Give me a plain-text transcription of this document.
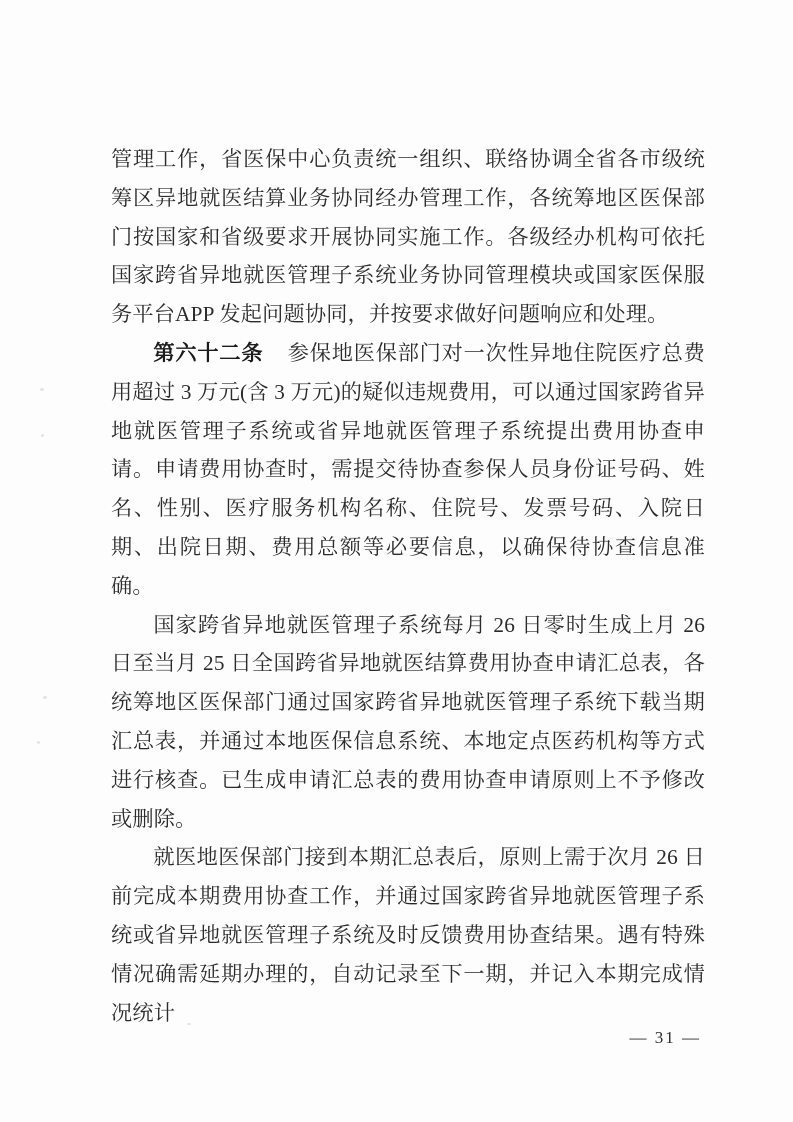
管理工作，省医保中心负责统一组织、联络协调全省各市级统筹区异地就医结算业务协同经办管理工作，各统筹地区医保部门按国家和省级要求开展协同实施工作。各级经办机构可依托国家跨省异地就医管理子系统业务协同管理模块或国家医保服务平台APP 发起问题协同，并按要求做好问题响应和处理。

第六十二条 参保地医保部门对一次性异地住院医疗总费用超过 3 万元(含 3 万元)的疑似违规费用，可以通过国家跨省异地就医管理子系统或省异地就医管理子系统提出费用协查申请。申请费用协查时，需提交待协查参保人员身份证号码、姓名、性别、医疗服务机构名称、住院号、发票号码、入院日期、出院日期、费用总额等必要信息，以确保待协查信息准确。

国家跨省异地就医管理子系统每月 26 日零时生成上月 26 日至当月 25 日全国跨省异地就医结算费用协查申请汇总表，各统筹地区医保部门通过国家跨省异地就医管理子系统下载当期汇总表，并通过本地医保信息系统、本地定点医药机构等方式进行核查。已生成申请汇总表的费用协查申请原则上不予修改或删除。

就医地医保部门接到本期汇总表后，原则上需于次月 26 日前完成本期费用协查工作，并通过国家跨省异地就医管理子系统或省异地就医管理子系统及时反馈费用协查结果。遇有特殊情况确需延期办理的，自动记录至下一期，并记入本期完成情况统计

— 31 —
